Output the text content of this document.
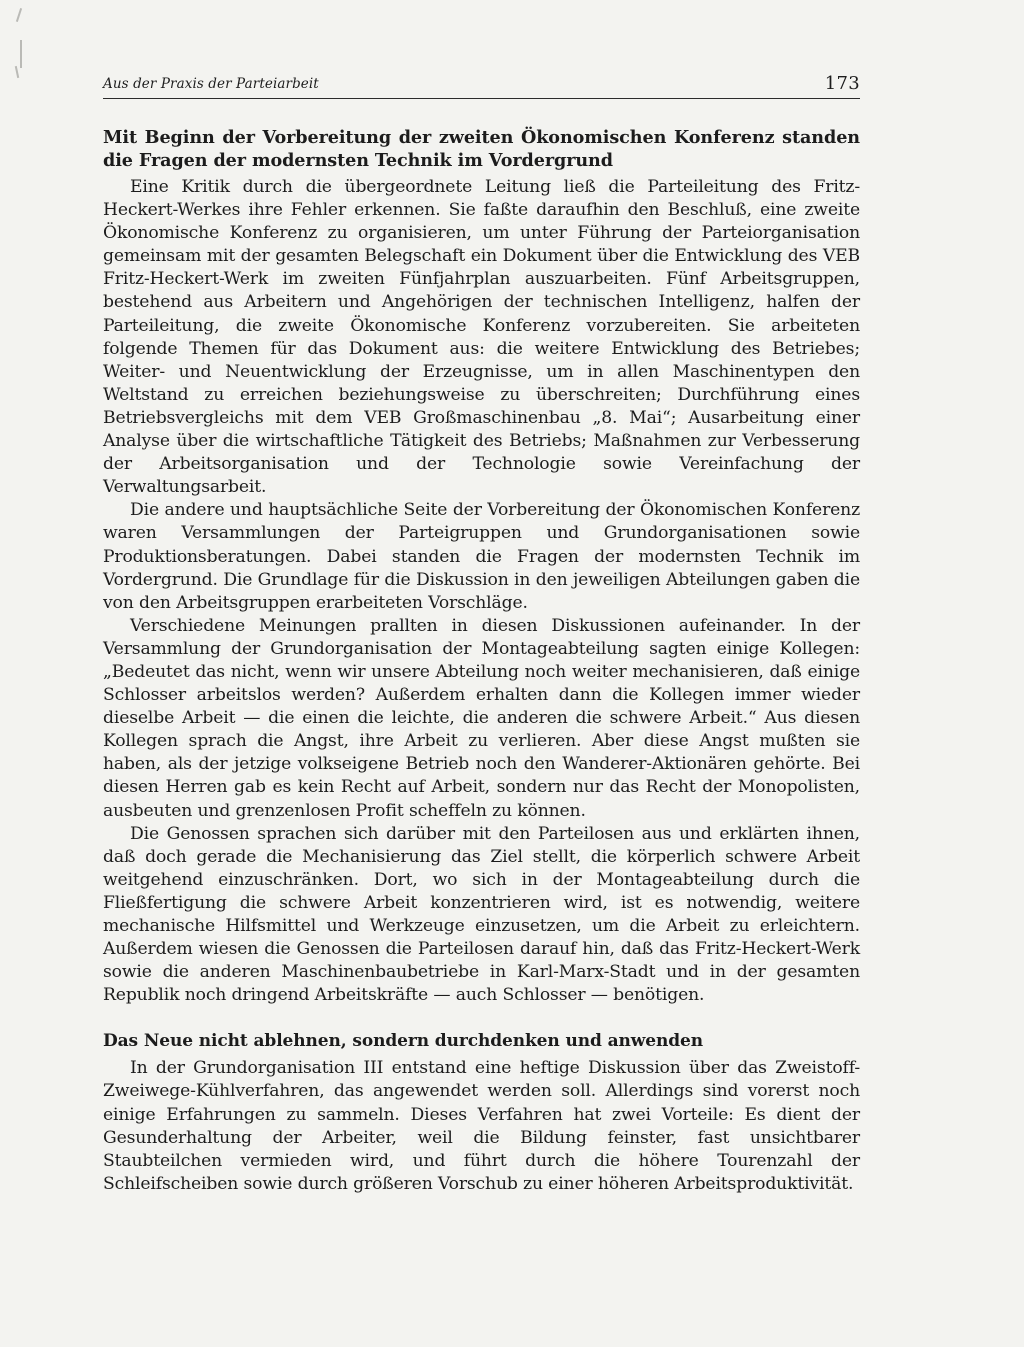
Aus der Praxis der Parteiarbeit	173
Mit Beginn der Vorbereitung der zweiten Ökonomischen Konferenz standen die Fragen der modernsten Technik im Vordergrund

Eine Kritik durch die übergeordnete Leitung ließ die Parteileitung des Fritz-Heckert-Werkes ihre Fehler erkennen. Sie faßte daraufhin den Beschluß, eine zweite Ökonomische Konferenz zu organisieren, um unter Führung der Parteiorganisation gemeinsam mit der gesamten Belegschaft ein Dokument über die Entwicklung des VEB Fritz-Heckert-Werk im zweiten Fünfjahrplan auszuarbeiten. Fünf Arbeitsgruppen, bestehend aus Arbeitern und Angehörigen der technischen Intelligenz, halfen der Parteileitung, die zweite Ökonomische Konferenz vorzubereiten. Sie arbeiteten folgende Themen für das Dokument aus: die weitere Entwicklung des Betriebes; Weiter- und Neuentwicklung der Erzeugnisse, um in allen Maschinentypen den Weltstand zu erreichen beziehungsweise zu überschreiten; Durchführung eines Betriebsvergleichs mit dem VEB Großmaschinenbau „8. Mai“; Ausarbeitung einer Analyse über die wirtschaftliche Tätigkeit des Betriebs; Maßnahmen zur Verbesserung der Arbeitsorganisation und der Technologie sowie Vereinfachung der Verwaltungsarbeit.

Die andere und hauptsächliche Seite der Vorbereitung der Ökonomischen Konferenz waren Versammlungen der Parteigruppen und Grundorganisationen sowie Produktionsberatungen. Dabei standen die Fragen der modernsten Technik im Vordergrund. Die Grundlage für die Diskussion in den jeweiligen Abteilungen gaben die von den Arbeitsgruppen erarbeiteten Vorschläge.

Verschiedene Meinungen prallten in diesen Diskussionen aufeinander. In der Versammlung der Grundorganisation der Montageabteilung sagten einige Kollegen: „Bedeutet das nicht, wenn wir unsere Abteilung noch weiter mechanisieren, daß einige Schlosser arbeitslos werden? Außerdem erhalten dann die Kollegen immer wieder dieselbe Arbeit — die einen die leichte, die anderen die schwere Arbeit.“ Aus diesen Kollegen sprach die Angst, ihre Arbeit zu verlieren. Aber diese Angst mußten sie haben, als der jetzige volkseigene Betrieb noch den Wanderer-Aktionären gehörte. Bei diesen Herren gab es kein Recht auf Arbeit, sondern nur das Recht der Monopolisten, ausbeuten und grenzenlosen Profit scheffeln zu können.

Die Genossen sprachen sich darüber mit den Parteilosen aus und erklärten ihnen, daß doch gerade die Mechanisierung das Ziel stellt, die körperlich schwere Arbeit weitgehend einzuschränken. Dort, wo sich in der Montageabteilung durch die Fließfertigung die schwere Arbeit konzentrieren wird, ist es notwendig, weitere mechanische Hilfsmittel und Werkzeuge einzusetzen, um die Arbeit zu erleichtern. Außerdem wiesen die Genossen die Parteilosen darauf hin, daß das Fritz-Heckert-Werk sowie die anderen Maschinenbaubetriebe in Karl-Marx-Stadt und in der gesamten Republik noch dringend Arbeitskräfte — auch Schlosser — benötigen.

Das Neue nicht ablehnen, sondern durchdenken und anwenden

In der Grundorganisation III entstand eine heftige Diskussion über das Zweistoff-Zweiwege-Kühlverfahren, das angewendet werden soll. Allerdings sind vorerst noch einige Erfahrungen zu sammeln. Dieses Verfahren hat zwei Vorteile: Es dient der Gesunderhaltung der Arbeiter, weil die Bildung feinster, fast unsichtbarer Staubteilchen vermieden wird, und führt durch die höhere Tourenzahl der Schleifscheiben sowie durch größeren Vorschub zu einer höheren Arbeitsproduktivität.
